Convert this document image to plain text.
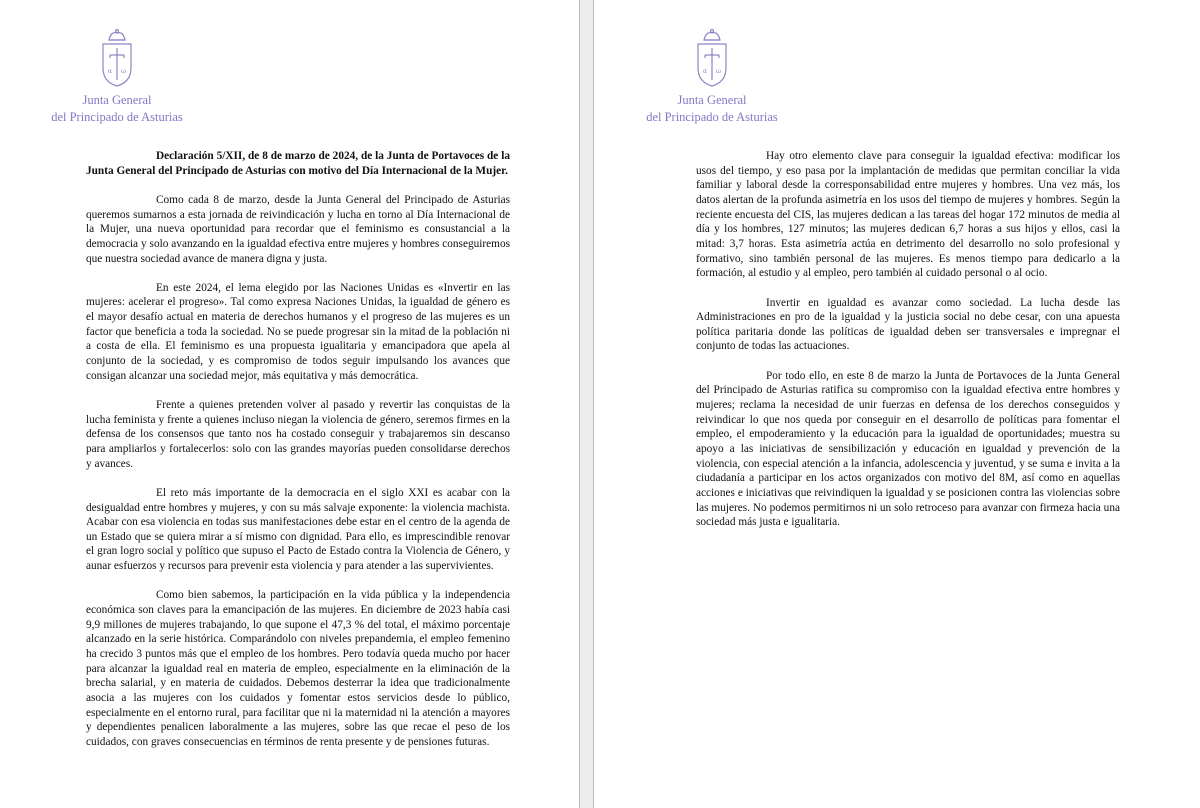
α ω
Junta General
del Principado de Asturias

Declaración 5/XII, de 8 de marzo de 2024, de la Junta de Portavoces de la Junta General del Principado de Asturias con motivo del Día Internacional de la Mujer.

Como cada 8 de marzo, desde la Junta General del Principado de Asturias queremos sumarnos a esta jornada de reivindicación y lucha en torno al Día Internacional de la Mujer, una nueva oportunidad para recordar que el feminismo es consustancial a la democracia y solo avanzando en la igualdad efectiva entre mujeres y hombres conseguiremos que nuestra sociedad avance de manera digna y justa.

En este 2024, el lema elegido por las Naciones Unidas es «Invertir en las mujeres: acelerar el progreso». Tal como expresa Naciones Unidas, la igualdad de género es el mayor desafío actual en materia de derechos humanos y el progreso de las mujeres es un factor que beneficia a toda la sociedad. No se puede progresar sin la mitad de la población ni a costa de ella. El feminismo es una propuesta igualitaria y emancipadora que apela al conjunto de la sociedad, y es compromiso de todos seguir impulsando los avances que consigan alcanzar una sociedad mejor, más equitativa y más democrática.

Frente a quienes pretenden volver al pasado y revertir las conquistas de la lucha feminista y frente a quienes incluso niegan la violencia de género, seremos firmes en la defensa de los consensos que tanto nos ha costado conseguir y trabajaremos sin descanso para ampliarlos y fortalecerlos: solo con las grandes mayorías pueden consolidarse derechos y avances.

El reto más importante de la democracia en el siglo XXI es acabar con la desigualdad entre hombres y mujeres, y con su más salvaje exponente: la violencia machista. Acabar con esa violencia en todas sus manifestaciones debe estar en el centro de la agenda de un Estado que se quiera mirar a sí mismo con dignidad. Para ello, es imprescindible renovar el gran logro social y político que supuso el Pacto de Estado contra la Violencia de Género, y aunar esfuerzos y recursos para prevenir esta violencia y para atender a las supervivientes.

Como bien sabemos, la participación en la vida pública y la independencia económica son claves para la emancipación de las mujeres. En diciembre de 2023 había casi 9,9 millones de mujeres trabajando, lo que supone el 47,3 % del total, el máximo porcentaje alcanzado en la serie histórica. Comparándolo con niveles prepandemia, el empleo femenino ha crecido 3 puntos más que el empleo de los hombres. Pero todavía queda mucho por hacer para alcanzar la igualdad real en materia de empleo, especialmente en la eliminación de la brecha salarial, y en materia de cuidados. Debemos desterrar la idea que tradicionalmente asocia a las mujeres con los cuidados y fomentar estos servicios desde lo público, especialmente en el entorno rural, para facilitar que ni la maternidad ni la atención a mayores y dependientes penalicen laboralmente a las mujeres, sobre las que recae el peso de los cuidados, con graves consecuencias en términos de renta presente y de pensiones futuras.

α ω
Junta General
del Principado de Asturias

Hay otro elemento clave para conseguir la igualdad efectiva: modificar los usos del tiempo, y eso pasa por la implantación de medidas que permitan conciliar la vida familiar y laboral desde la corresponsabilidad entre mujeres y hombres. Una vez más, los datos alertan de la profunda asimetría en los usos del tiempo de mujeres y hombres. Según la reciente encuesta del CIS, las mujeres dedican a las tareas del hogar 172 minutos de media al día y los hombres, 127 minutos; las mujeres dedican 6,7 horas a sus hijos y ellos, casi la mitad: 3,7 horas. Esta asimetría actúa en detrimento del desarrollo no solo profesional y formativo, sino también personal de las mujeres. Es menos tiempo para dedicarlo a la formación, al estudio y al empleo, pero también al cuidado personal o al ocio.

Invertir en igualdad es avanzar como sociedad. La lucha desde las Administraciones en pro de la igualdad y la justicia social no debe cesar, con una apuesta política paritaria donde las políticas de igualdad deben ser transversales e impregnar el conjunto de todas las actuaciones.

Por todo ello, en este 8 de marzo la Junta de Portavoces de la Junta General del Principado de Asturias ratifica su compromiso con la igualdad efectiva entre hombres y mujeres; reclama la necesidad de unir fuerzas en defensa de los derechos conseguidos y reivindicar lo que nos queda por conseguir en el desarrollo de políticas para fomentar el empleo, el empoderamiento y la educación para la igualdad de oportunidades; muestra su apoyo a las iniciativas de sensibilización y educación en igualdad y prevención de la violencia, con especial atención a la infancia, adolescencia y juventud, y se suma e invita a la ciudadanía a participar en los actos organizados con motivo del 8M, así como en aquellas acciones e iniciativas que reivindiquen la igualdad y se posicionen contra las violencias sobre las mujeres. No podemos permitirnos ni un solo retroceso para avanzar con firmeza hacia una sociedad más justa e igualitaria.
